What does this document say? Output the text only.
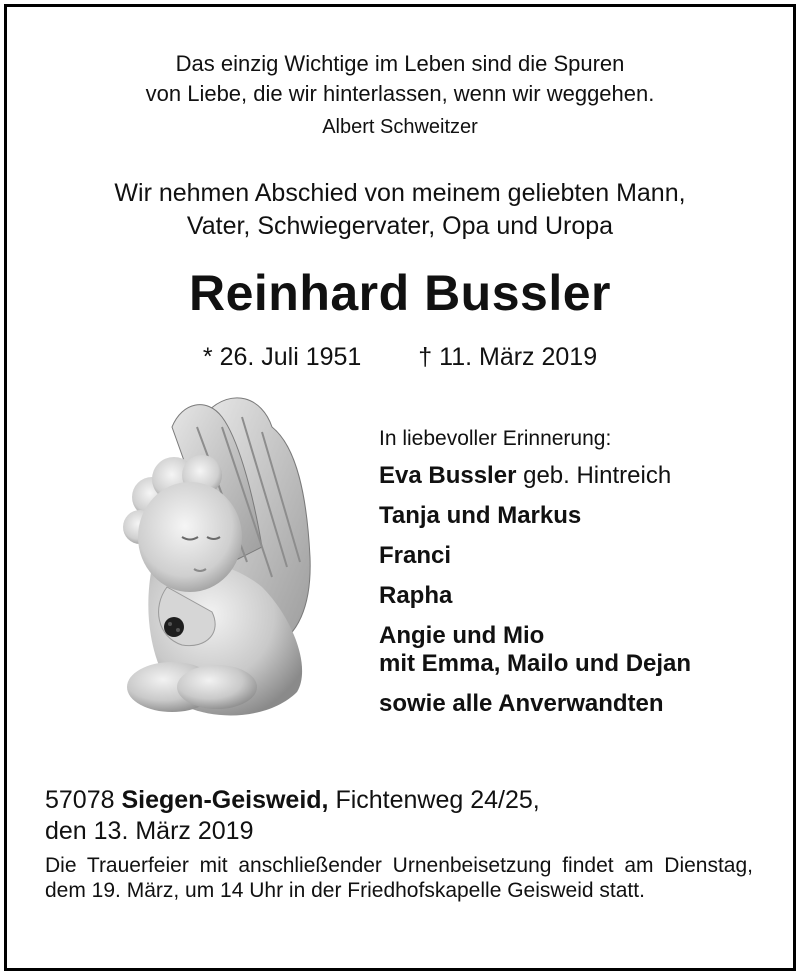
Das einzig Wichtige im Leben sind die Spuren
von Liebe, die wir hinterlassen, wenn wir weggehen.
Albert Schweitzer
Wir nehmen Abschied von meinem geliebten Mann,
Vater, Schwiegervater, Opa und Uropa
Reinhard Bussler
* 26. Juli 1951 † 11. März 2019
In liebevoller Erinnerung:
Eva Bussler geb. Hintreich
Tanja und Markus
Franci
Rapha
Angie und Mio
mit Emma, Mailo und Dejan
sowie alle Anverwandten
57078 Siegen-Geisweid, Fichtenweg 24/25,
den 13. März 2019
Die Trauerfeier mit anschließender Urnenbeisetzung findet am Dienstag, dem 19. März, um 14 Uhr in der Friedhofskapelle Geisweid statt.
